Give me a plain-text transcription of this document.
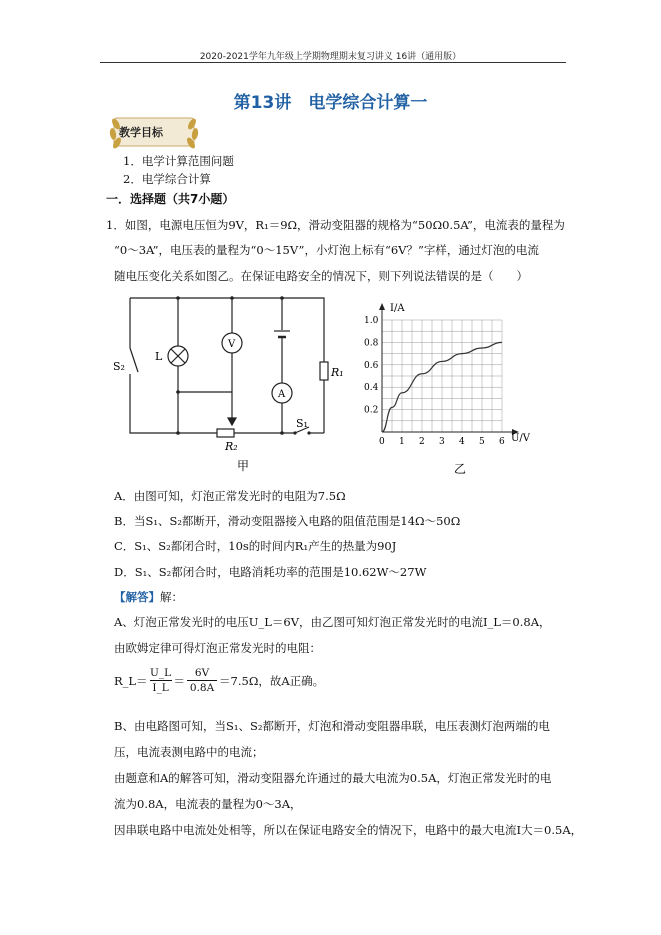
2020-2021学年九年级上学期物理期末复习讲义 16讲（通用版）
第13讲　电学综合计算一
教学目标
1．电学计算范围问题
2．电学综合计算
一．选择题（共7小题）
1．如图，电源电压恒为9V，R₁＝9Ω，滑动变阻器的规格为“50Ω0.5A”，电流表的量程为
“0～3A”，电压表的量程为“0～15V”，小灯泡上标有“6V？”字样，通过灯泡的电流
随电压变化关系如图乙。在保证电路安全的情况下，则下列说法错误的是（　　）
L
V
A
R₁
R₂
S₂
S₁
甲
0 1 2 3 4 5 6
0.2
0.4
0.6
0.8
1.0
I/A
U/V
乙
A．由图可知，灯泡正常发光时的电阻为7.5Ω
B．当S₁、S₂都断开，滑动变阻器接入电路的阻值范围是14Ω～50Ω
C．S₁、S₂都闭合时，10s的时间内R₁产生的热量为90J
D．S₁、S₂都闭合时，电路消耗功率的范围是10.62W～27W
【解答】解：
A、灯泡正常发光时的电压U_L＝6V，由乙图可知灯泡正常发光时的电流I_L＝0.8A，
由欧姆定律可得灯泡正常发光时的电阻：
R_L＝
U_L
I_L
＝
6V
0.8A
＝7.5Ω，故A正确。
B、由电路图可知，当S₁、S₂都断开，灯泡和滑动变阻器串联，电压表测灯泡两端的电
压，电流表测电路中的电流；
由题意和A的解答可知，滑动变阻器允许通过的最大电流为0.5A，灯泡正常发光时的电
流为0.8A，电流表的量程为0～3A，
因串联电路中电流处处相等，所以在保证电路安全的情况下，电路中的最大电流I大＝0.5A，
